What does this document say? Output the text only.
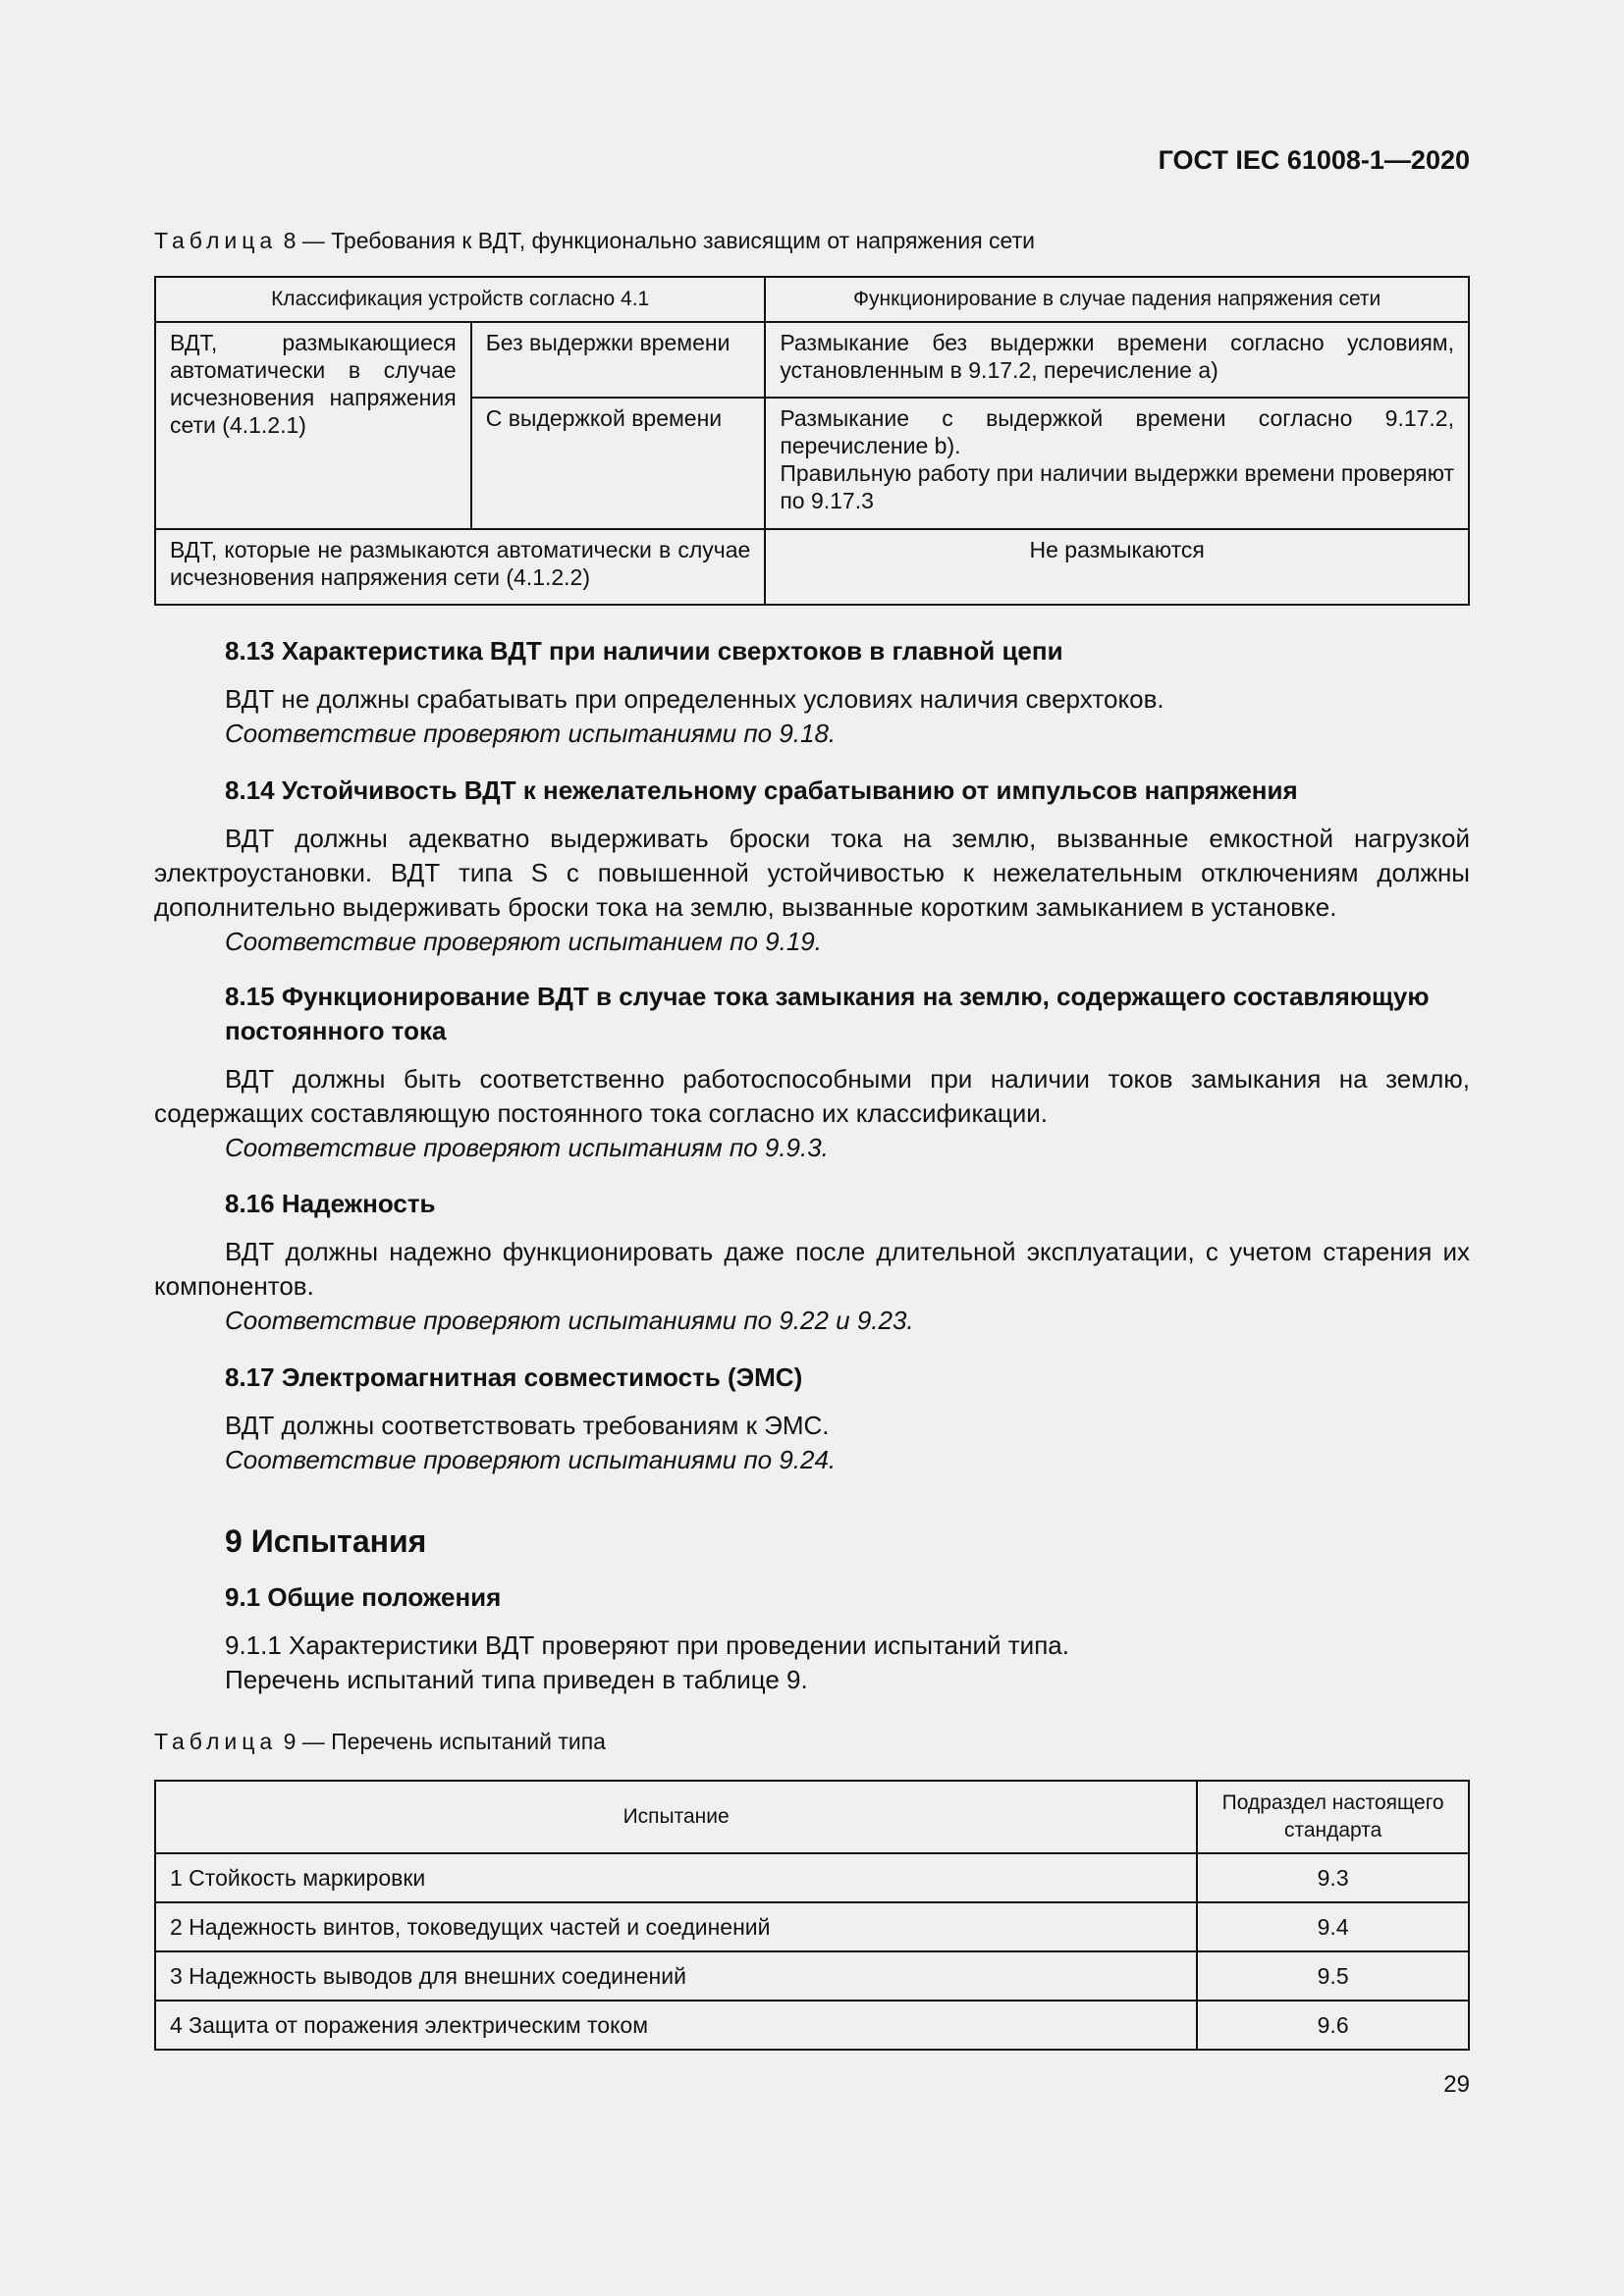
ГОСТ IEC 61008-1—2020
Таблица 8 — Требования к ВДТ, функционально зависящим от напряжения сети
Классификация устройств согласно 4.1		Функционирование в случае падения напряжения сети
ВДТ, размыкающиеся автоматически в случае исчезновения напряжения сети (4.1.2.1)	Без выдержки времени	Размыкание без выдержки времени согласно условиям, установленным в 9.17.2, перечисление a)
	С выдержкой времени	Размыкание с выдержкой времени согласно 9.17.2, перечисление b).
Правильную работу при наличии выдержки времени проверяют по 9.17.3

ВДТ, которые не размыкаются автоматически в случае исчезновения напряжения сети (4.1.2.2)		Не размыкаются
8.13 Характеристика ВДТ при наличии сверхтоков в главной цепи
ВДТ не должны срабатывать при определенных условиях наличия сверхтоков.
Соответствие проверяют испытаниями по 9.18.
8.14 Устойчивость ВДТ к нежелательному срабатыванию от импульсов напряжения
ВДТ должны адекватно выдерживать броски тока на землю, вызванные емкостной нагрузкой электроустановки. ВДТ типа S с повышенной устойчивостью к нежелательным отключениям должны дополнительно выдерживать броски тока на землю, вызванные коротким замыканием в установке.
Соответствие проверяют испытанием по 9.19.
8.15 Функционирование ВДТ в случае тока замыкания на землю, содержащего составляющую постоянного тока
ВДТ должны быть соответственно работоспособными при наличии токов замыкания на землю, содержащих составляющую постоянного тока согласно их классификации.
Соответствие проверяют испытаниям по 9.9.3.
8.16 Надежность
ВДТ должны надежно функционировать даже после длительной эксплуатации, с учетом старения их компонентов.
Соответствие проверяют испытаниями по 9.22 и 9.23.
8.17 Электромагнитная совместимость (ЭМС)
ВДТ должны соответствовать требованиям к ЭМС.
Соответствие проверяют испытаниями по 9.24.
9 Испытания
9.1 Общие положения
9.1.1 Характеристики ВДТ проверяют при проведении испытаний типа.
Перечень испытаний типа приведен в таблице 9.
Таблица 9 — Перечень испытаний типа
Испытание	Подраздел настоящего стандарта
1 Стойкость маркировки	9.3
2 Надежность винтов, токоведущих частей и соединений	9.4
3 Надежность выводов для внешних соединений	9.5
4 Защита от поражения электрическим током	9.6
29
